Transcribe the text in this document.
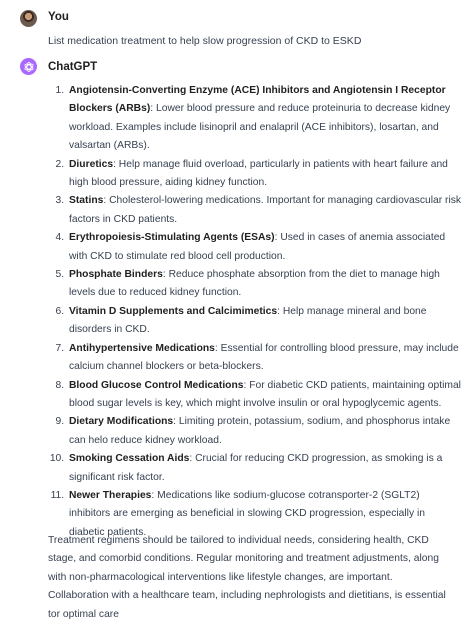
You
List medication treatment to help slow progression of CKD to ESKD
ChatGPT
1. Angiotensin-Converting Enzyme (ACE) Inhibitors and Angiotensin I Receptor Blockers (ARBs): Lower blood pressure and reduce proteinuria to decrease kidney workload. Examples include lisinopril and enalapril (ACE inhibitors), losartan, and valsartan (ARBs).
2. Diuretics: Help manage fluid overload, particularly in patients with heart failure and high blood pressure, aiding kidney function.
3. Statins: Cholesterol-lowering medications. Important for managing cardiovascular risk factors in CKD patients.
4. Erythropoiesis-Stimulating Agents (ESAs): Used in cases of anemia associated with CKD to stimulate red blood cell production.
5. Phosphate Binders: Reduce phosphate absorption from the diet to manage high levels due to reduced kidney function.
6. Vitamin D Supplements and Calcimimetics: Help manage mineral and bone disorders in CKD.
7. Antihypertensive Medications: Essential for controlling blood pressure, may include calcium channel blockers or beta-blockers.
8. Blood Glucose Control Medications: For diabetic CKD patients, maintaining optimal blood sugar levels is key, which might involve insulin or oral hypoglycemic agents.
9. Dietary Modifications: Limiting protein, potassium, sodium, and phosphorus intake can helo reduce kidney workload.
10. Smoking Cessation Aids: Crucial for reducing CKD progression, as smoking is a significant risk factor.
11. Newer Therapies: Medications like sodium-glucose cotransporter-2 (SGLT2) inhibitors are emerging as beneficial in slowing CKD progression, especially in diabetic patients.

Treatment regimens should be tailored to individual needs, considering health, CKD stage, and comorbid conditions. Regular monitoring and treatment adjustments, along with non-pharmacological interventions like lifestyle changes, are important. Collaboration with a healthcare team, including nephrologists and dietitians, is essential tor optimal care
